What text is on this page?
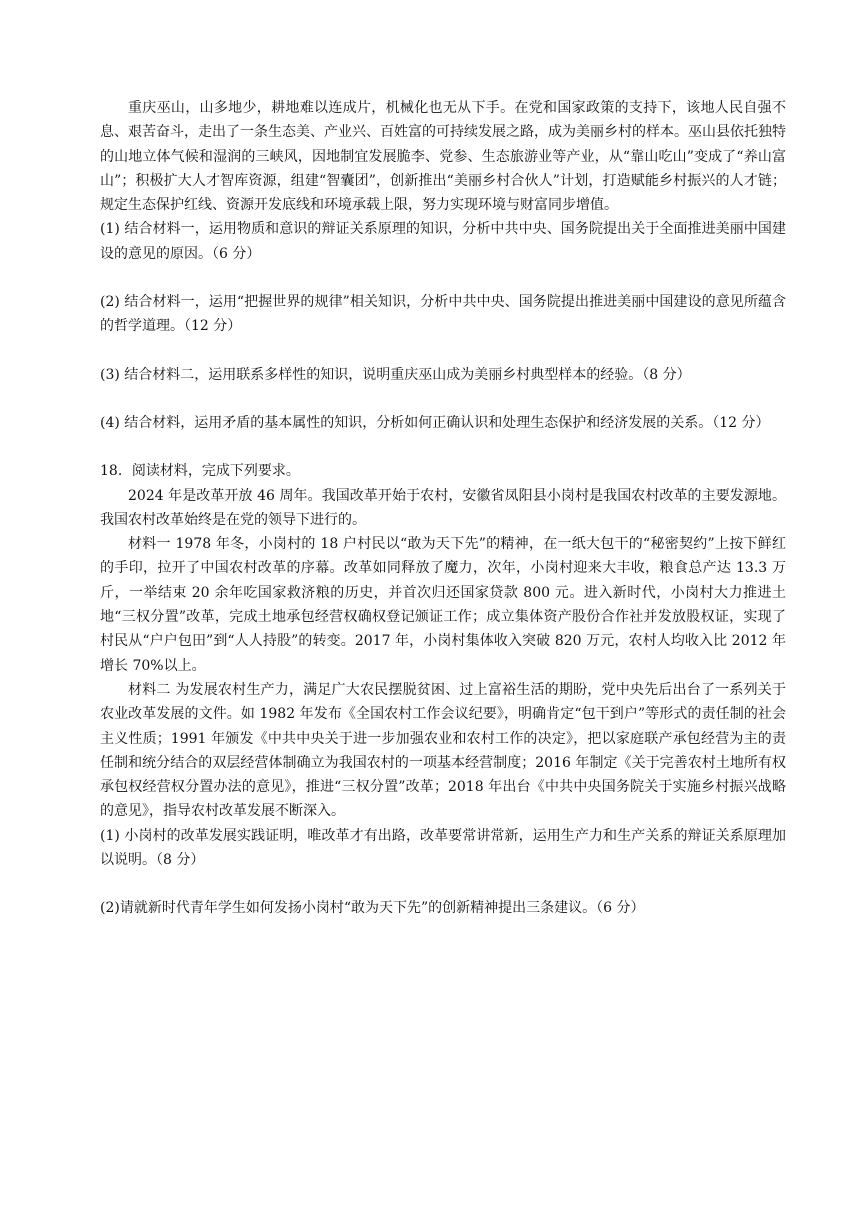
重庆巫山，山多地少，耕地难以连成片，机械化也无从下手。在党和国家政策的支持下，该地人民自强不息、艰苦奋斗，走出了一条生态美、产业兴、百姓富的可持续发展之路，成为美丽乡村的样本。巫山县依托独特的山地立体气候和湿润的三峡风，因地制宜发展脆李、党参、生态旅游业等产业，从“靠山吃山”变成了“养山富山”；积极扩大人才智库资源，组建“智囊团”，创新推出“美丽乡村合伙人”计划，打造赋能乡村振兴的人才链；规定生态保护红线、资源开发底线和环境承载上限，努力实现环境与财富同步增值。

(1) 结合材料一，运用物质和意识的辩证关系原理的知识，分析中共中央、国务院提出关于全面推进美丽中国建设的意见的原因。（6 分）

(2) 结合材料一，运用“把握世界的规律”相关知识，分析中共中央、国务院提出推进美丽中国建设的意见所蕴含的哲学道理。（12 分）

(3) 结合材料二，运用联系多样性的知识，说明重庆巫山成为美丽乡村典型样本的经验。（8 分）

(4) 结合材料，运用矛盾的基本属性的知识，分析如何正确认识和处理生态保护和经济发展的关系。（12 分）

18．阅读材料，完成下列要求。

2024 年是改革开放 46 周年。我国改革开始于农村，安徽省凤阳县小岗村是我国农村改革的主要发源地。我国农村改革始终是在党的领导下进行的。

材料一 1978 年冬，小岗村的 18 户村民以“敢为天下先”的精神，在一纸大包干的“秘密契约”上按下鲜红的手印，拉开了中国农村改革的序幕。改革如同释放了魔力，次年，小岗村迎来大丰收，粮食总产达 13.3 万斤，一举结束 20 余年吃国家救济粮的历史，并首次归还国家贷款 800 元。进入新时代，小岗村大力推进土地“三权分置”改革，完成土地承包经营权确权登记颁证工作；成立集体资产股份合作社并发放股权证，实现了村民从“户户包田”到“人人持股”的转变。2017 年，小岗村集体收入突破 820 万元，农村人均收入比 2012 年增长 70%以上。

材料二 为发展农村生产力，满足广大农民摆脱贫困、过上富裕生活的期盼，党中央先后出台了一系列关于农业改革发展的文件。如 1982 年发布《全国农村工作会议纪要》，明确肯定“包干到户”等形式的责任制的社会主义性质；1991 年颁发《中共中央关于进一步加强农业和农村工作的决定》，把以家庭联产承包经营为主的责任制和统分结合的双层经营体制确立为我国农村的一项基本经营制度；2016 年制定《关于完善农村土地所有权承包权经营权分置办法的意见》，推进“三权分置”改革；2018 年出台《中共中央国务院关于实施乡村振兴战略的意见》，指导农村改革发展不断深入。

(1) 小岗村的改革发展实践证明，唯改革才有出路，改革要常讲常新，运用生产力和生产关系的辩证关系原理加以说明。（8 分）

(2)请就新时代青年学生如何发扬小岗村“敢为天下先”的创新精神提出三条建议。（6 分）
